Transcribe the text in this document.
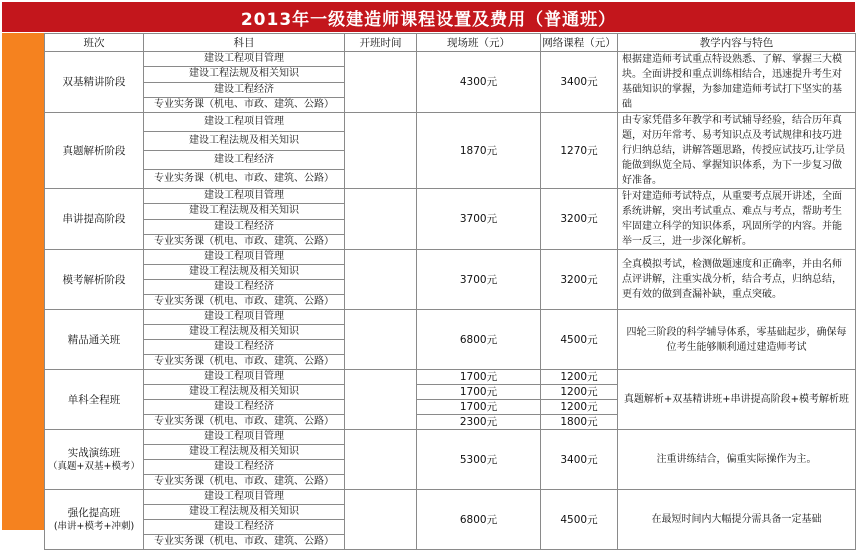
2013年一级建造师课程设置及费用（普通班）
班次	科目	开班时间	现场班（元）	网络课程（元）	教学内容与特色
双基精讲阶段	建设工程项目管理		4300元	3400元	根据建造师考试重点特设熟悉、了解、掌握三大模块。全面讲授和重点训练相结合，迅速提升考生对基础知识的掌握，为参加建造师考试打下坚实的基础
	建设工程法规及相关知识				
	建设工程经济				
	专业实务课（机电、市政、建筑、公路）				
真题解析阶段	建设工程项目管理		1870元	1270元	由专家凭借多年教学和考试辅导经验，结合历年真题，对历年常考、易考知识点及考试规律和技巧进行归纳总结，讲解答题思路，传授应试技巧,让学员能做到纵览全局、掌握知识体系，为下一步复习做好准备。
	建设工程法规及相关知识				
	建设工程经济				
	专业实务课（机电、市政、建筑、公路）				
串讲提高阶段	建设工程项目管理		3700元	3200元	针对建造师考试特点，从重要考点展开讲述，全面系统讲解，突出考试重点、难点与考点，帮助考生牢固建立科学的知识体系，巩固所学的内容。并能举一反三，进一步深化解析。
	建设工程法规及相关知识				
	建设工程经济				
	专业实务课（机电、市政、建筑、公路）				
模考解析阶段	建设工程项目管理		3700元	3200元	全真模拟考试，检测做题速度和正确率，并由名师点评讲解，注重实战分析，结合考点，归纳总结，更有效的做到查漏补缺，重点突破。
	建设工程法规及相关知识				
	建设工程经济				
	专业实务课（机电、市政、建筑、公路）				
精品通关班	建设工程项目管理		6800元	4500元	四轮三阶段的科学辅导体系，零基础起步，确保每位考生能够顺利通过建造师考试
	建设工程法规及相关知识				
	建设工程经济				
	专业实务课（机电、市政、建筑、公路）				
单科全程班	建设工程项目管理		1700元	1200元	真题解析+双基精讲班+串讲提高阶段+模考解析班
	建设工程法规及相关知识		1700元	1200元	
	建设工程经济		1700元	1200元	
	专业实务课（机电、市政、建筑、公路）		2300元	1800元	

实战演练班
（真题+双基+模考）	建设工程项目管理		5300元	3400元	注重讲练结合，偏重实际操作为主。
	建设工程法规及相关知识				
	建设工程经济				
	专业实务课（机电、市政、建筑、公路）				

强化提高班
(串讲+模考+冲刺)	建设工程项目管理		6800元	4500元	在最短时间内大幅提分需具备一定基础
	建设工程法规及相关知识				
	建设工程经济				
	专业实务课（机电、市政、建筑、公路）				
